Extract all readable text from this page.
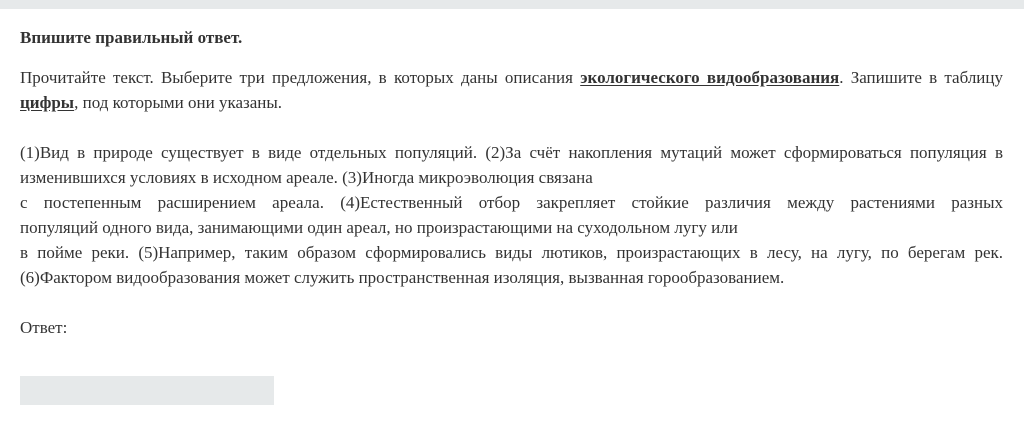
Впишите правильный ответ.

Прочитайте текст. Выберите три предложения, в которых даны описания экологического видообразования. Запишите в таблицу цифры, под которыми они указаны.

(1)Вид в природе существует в виде отдельных популяций. (2)За счёт накопления мутаций может сформироваться популяция в
изменившихся условиях в исходном ареале. (3)Иногда микроэволюция связана
с постепенным расширением ареала. (4)Естественный отбор закрепляет стойкие различия между растениями разных
популяций одного вида, занимающими один ареал, но произрастающими на суходольном лугу или
в пойме реки. (5)Например, таким образом сформировались виды лютиков, произрастающих в лесу, на лугу, по берегам рек.
(6)Фактором видообразования может служить пространственная изоляция, вызванная горообразованием.

Ответ:
